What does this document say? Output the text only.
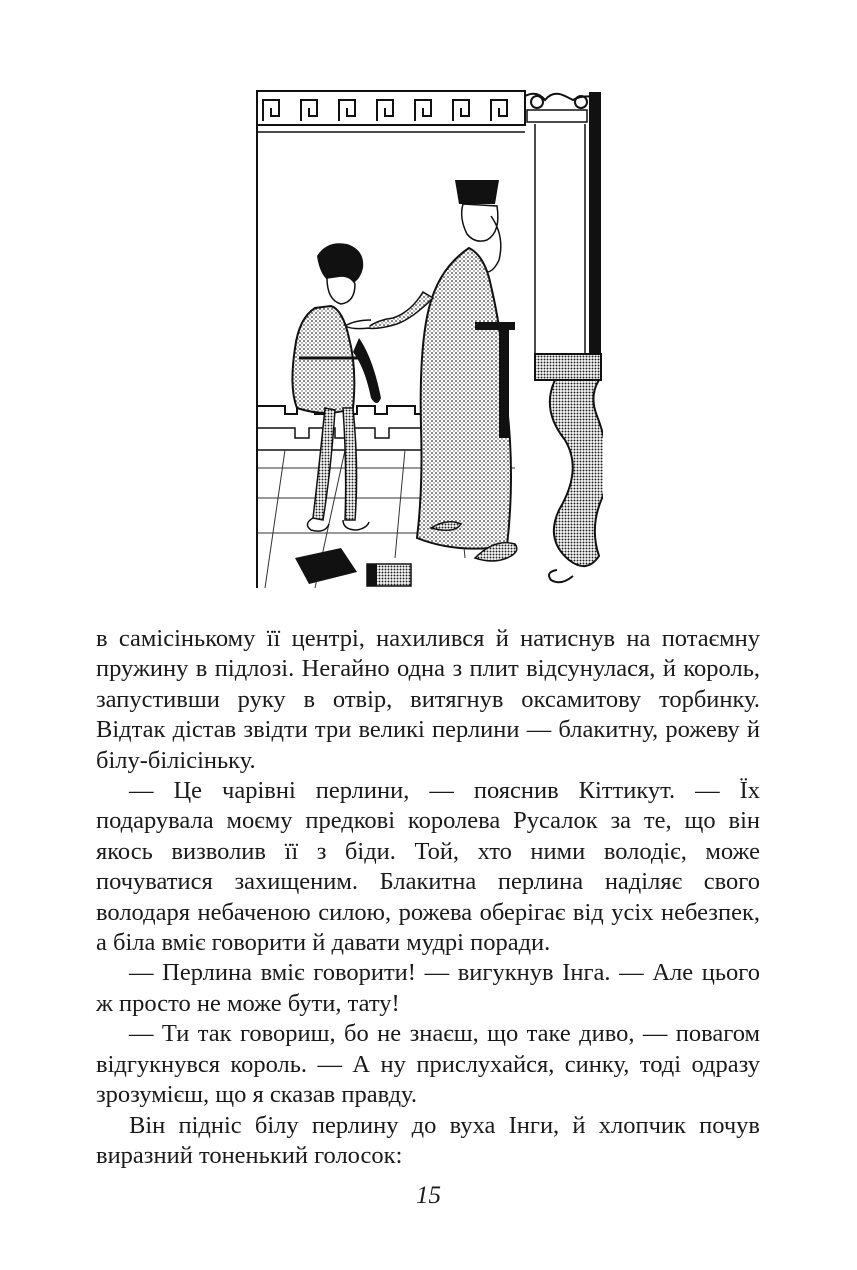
в самісінькому її центрі, нахилився й натиснув на потаємну пружину в підлозі. Негайно одна з плит відсунулася, й король, запустивши руку в отвір, витягнув оксамитову торбинку. Відтак дістав звідти три великі перлини — блакитну, рожеву й білу-білісіньку.

— Це чарівні перлини, — пояснив Кіттикут. — Їх подарувала моєму предкові королева Русалок за те, що він якось визволив її з біди. Той, хто ними володіє, може почуватися захищеним. Блакитна перлина наділяє свого володаря небаченою силою, рожева оберігає від усіх небезпек, а біла вміє говорити й давати мудрі поради.

— Перлина вміє говорити! — вигукнув Інга. — Але цього ж просто не може бути, тату!

— Ти так говориш, бо не знаєш, що таке диво, — повагом відгукнувся король. — А ну прислухайся, синку, тоді одразу зрозумієш, що я сказав правду.

Він підніс білу перлину до вуха Інги, й хлопчик почув виразний тоненький голосок:

15
